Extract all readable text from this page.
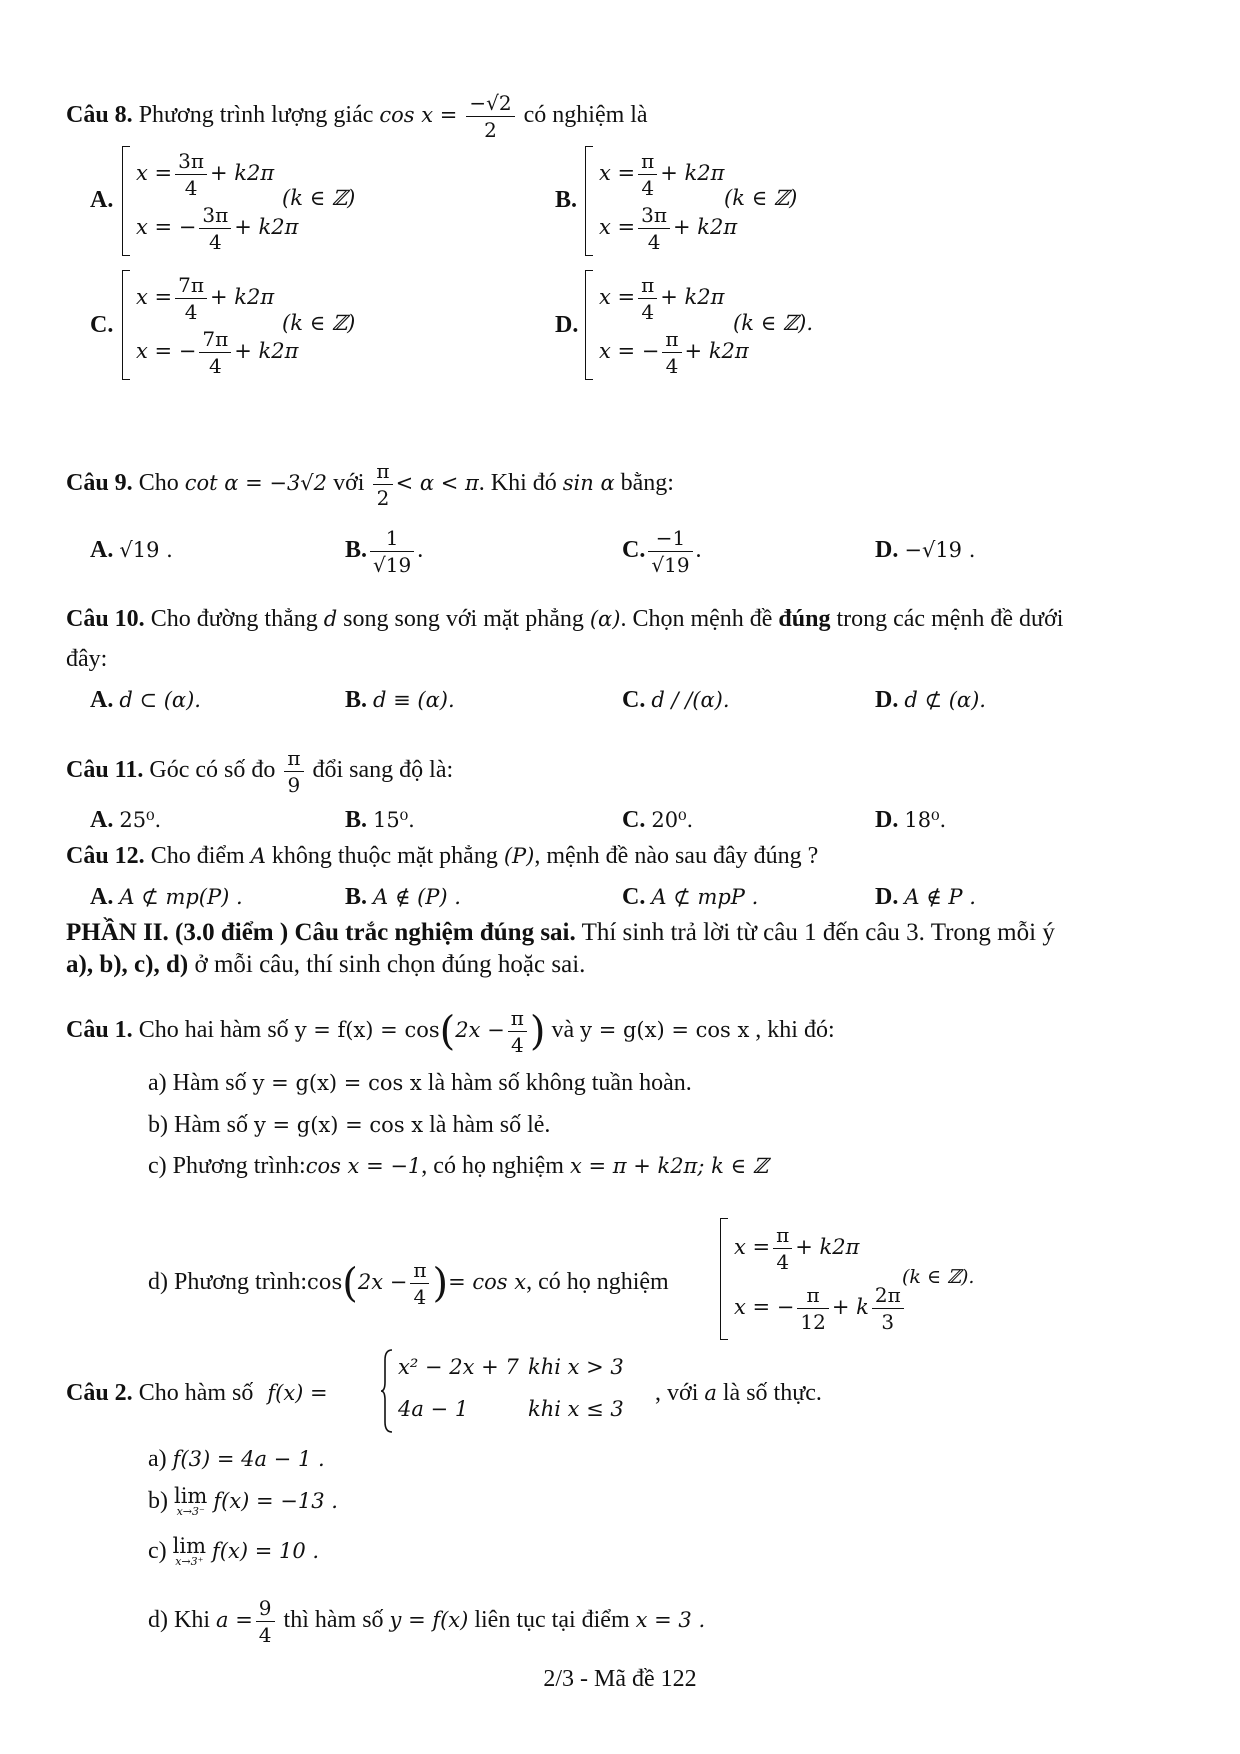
Câu 8. Phương trình lượng giác $\cos x = \frac{-√2}{2}$ có nghiệm là
A.
$x = \frac{3\pi}{4} + k2\pi$
x = − $\frac{3\pi}{4} + k2\pi$
(k ∈ ℤ)	B.
$x = \frac{\pi}{4} + k2\pi$
$x = \frac{3\pi}{4} + k2\pi$
(k ∈ ℤ)
C.
$x = \frac{7\pi}{4} + k2\pi$
x = − $\frac{7\pi}{4} + k2\pi$
(k ∈ ℤ)	D.
$x = \frac{\pi}{4} + k2\pi$
x = − $\frac{\pi}{4} + k2\pi$
(k ∈ ℤ).
Câu 9. Cho cot α = −3√2 với $\frac{\pi}{2} < \alpha < \pi$. Khi đó sin α bằng:
A. √19 .	B. $\frac{1}{√19}$ .	C. $\frac{-1}{√19}$ .	D. −√19 .
Câu 10. Cho đường thẳng d song song với mặt phẳng (α). Chọn mệnh đề đúng trong các mệnh đề dưới
đây:
A. d ⊂ (α).	B. d ≡ (α).	C. d / /(α).	D. d ⊄ (α).
Câu 11. Góc có số đo $\frac{\pi}{9}$ đổi sang độ là:
A. 25⁰.	B. 15⁰.	C. 20⁰.	D. 18⁰.
Câu 12. Cho điểm A không thuộc mặt phẳng (P), mệnh đề nào sau đây đúng ?
A. A ⊄ mp(P) .	B. A ∉ (P) .	C. A ⊄ mpP .	D. A ∉ P .
PHẦN II. (3.0 điểm ) Câu trắc nghiệm đúng sai. Thí sinh trả lời từ câu 1 đến câu 3. Trong mỗi ý
a), b), c), d) ở mỗi câu, thí sinh chọn đúng hoặc sai.
Câu 1. Cho hai hàm số $y = f(x) = \cos(2x - \frac{\pi}{4}$ ) và y = g(x) = cos x , khi đó:
a) Hàm số y = g(x) = cos x là hàm số không tuần hoàn.
b) Hàm số y = g(x) = cos x là hàm số lẻ.
c) Phương trình:cos x = −1, có họ nghiệm x = π + k2π; k ∈ ℤ
d) Phương trình:cos(2x − $\frac{\pi}{4}$ )= cos x, có họ nghiệm
$x = \frac{\pi}{4} + k2\pi$
x = − $\frac{\pi}{12} + k \frac{2\pi}{3}$
(k ∈ ℤ).
Câu 2. Cho hàm số f(x) =
x² − 2x + 7 khi x > 3
4a − 1	khi x ≤ 3
, với a là số thực.
a) f(3) = 4a − 1 .
b) lim
x→3⁻ f(x) = −13 .
c) lim
x→3⁺ f(x) = 10 .
d) Khi $a = \frac{9}{4}$ thì hàm số y = f(x) liên tục tại điểm x = 3 .
2/3 - Mã đề 122
